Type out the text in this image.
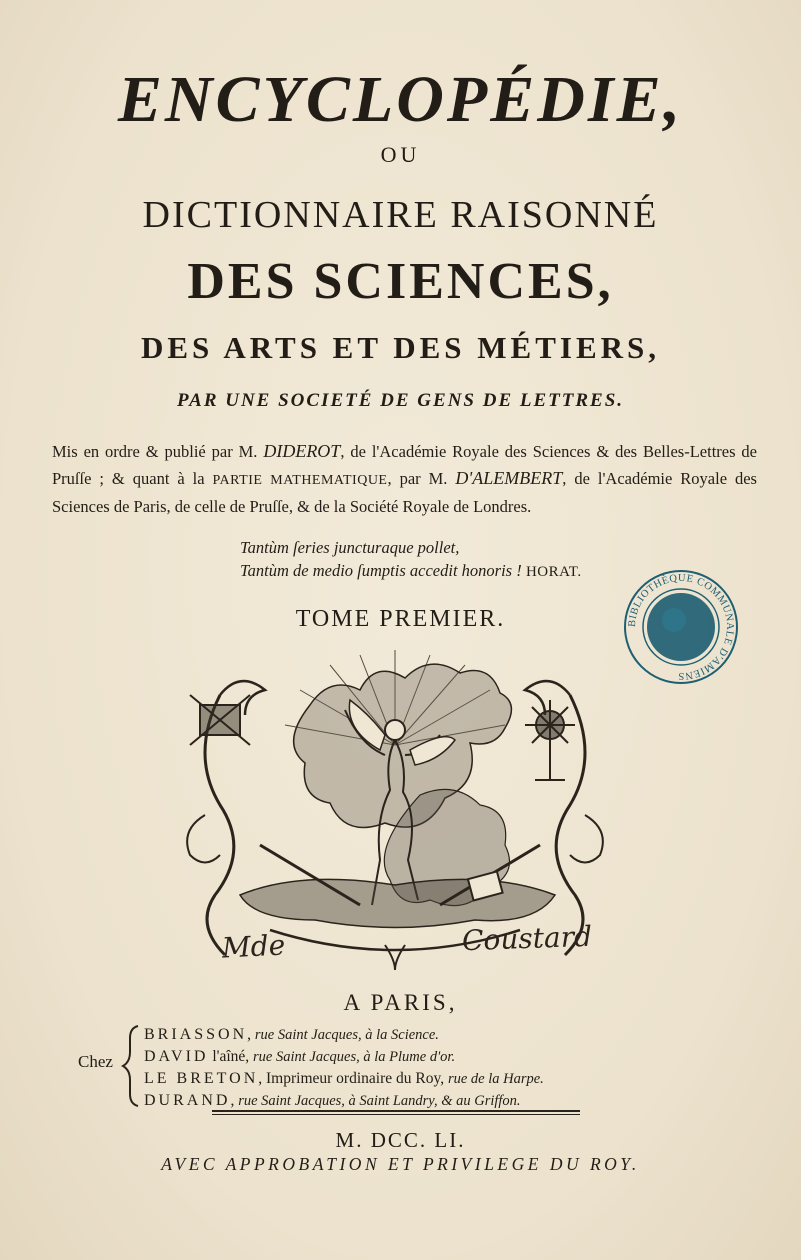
ENCYCLOPÉDIE,
OU
DICTIONNAIRE RAISONNÉ
DES SCIENCES,
DES ARTS ET DES MÉTIERS,
PAR UNE SOCIETÉ DE GENS DE LETTRES.
Mis en ordre & publié par M. DIDEROT, de l'Académie Royale des Sciences & des Belles-Lettres de Pruſſe ; & quant à la PARTIE MATHEMATIQUE, par M. D'ALEMBERT, de l'Académie Royale des Sciences de Paris, de celle de Pruſſe, & de la Société Royale de Londres.
Tantùm ſeries juncturaque pollet,
Tantùm de medio ſumptis accedit honoris ! HORAT.
TOME PREMIER.	BIBLIOTHÈQUE COMMUNALE D'AMIENS
Mde	Coustard
A PARIS,
Chez
BRIASSON, rue Saint Jacques, à la Science.
DAVID l'aîné, rue Saint Jacques, à la Plume d'or.
LE BRETON, Imprimeur ordinaire du Roy, rue de la Harpe.
DURAND, rue Saint Jacques, à Saint Landry, & au Griffon.
M. DCC. LI.
AVEC APPROBATION ET PRIVILEGE DU ROY.
